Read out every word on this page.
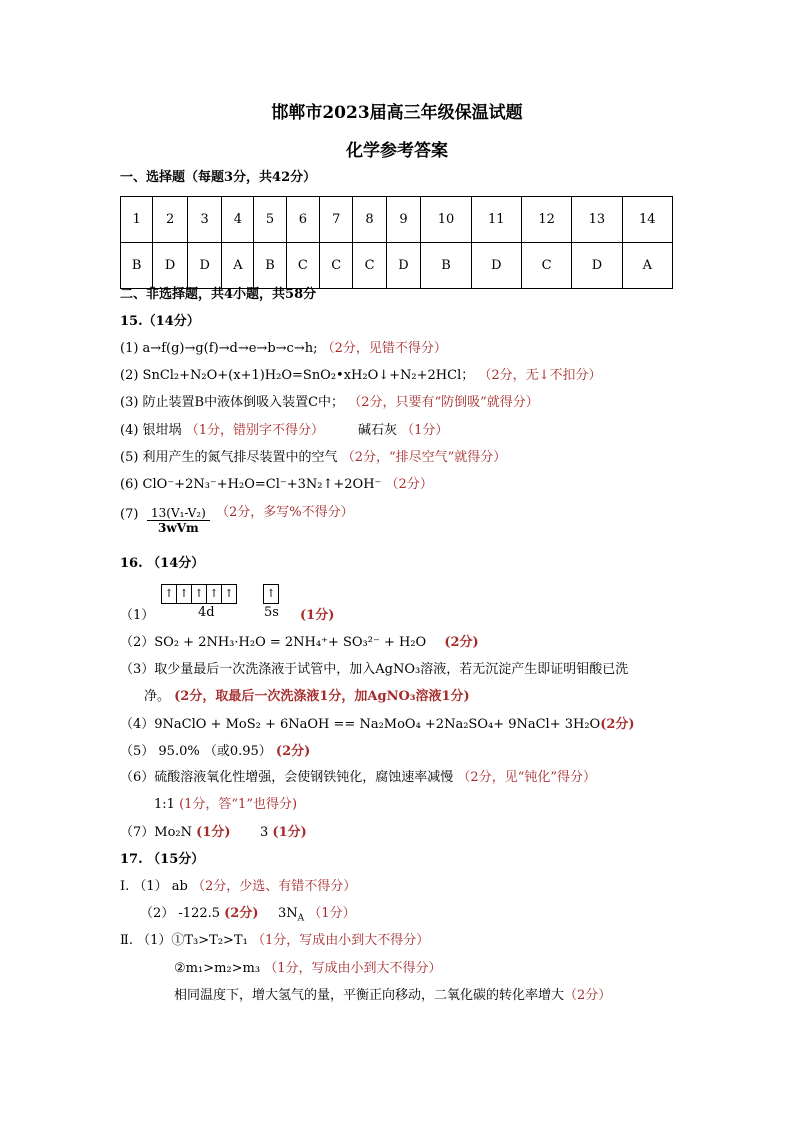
邯郸市2023届高三年级保温试题
化学参考答案
一、选择题（每题3分，共42分）
1	2	3	4	5	6	7	8	9	10	11	12	13	14
B	D	D	A	B	C	C	C	D	B	D	C	D	A
二、非选择题，共4小题，共58分
15.（14分）
(1) a→f(g)→g(f)→d→e→b→c→h; （2分，见错不得分）
(2) SnCl₂+N₂O+(x+1)H₂O=SnO₂•xH₂O↓+N₂+2HCl； （2分，无↓不扣分）
(3) 防止装置B中液体倒吸入装置C中； （2分，只要有“防倒吸”就得分）
(4) 银坩埚 （1分，错别字不得分）	碱石灰 （1分）
(5) 利用产生的氮气排尽装置中的空气 （2分，“排尽空气”就得分）
(6) ClO⁻+2N₃⁻+H₂O=Cl⁻+3N₂↑+2OH⁻ （2分）
(7)	13(V₁-V₂)
3wVm
（2分，多写%不得分）
16. （14分）
↑ ↑ ↑ ↑ ↑	↑
（1）	4d	5s (1分)
（2）SO₂ + 2NH₃·H₂O = 2NH₄⁺+ SO₃²⁻ + H₂O (2分)
（3）取少量最后一次洗涤液于试管中，加入AgNO₃溶液，若无沉淀产生即证明钼酸已洗
净。 (2分，取最后一次洗涤液1分，加AgNO₃溶液1分)
（4）9NaClO + MoS₂ + 6NaOH == Na₂MoO₄ +2Na₂SO₄+ 9NaCl+ 3H₂O(2分)
（5） 95.0% （或0.95） (2分)
（6）硫酸溶液氧化性增强，会使钢铁钝化，腐蚀速率减慢 （2分，见“钝化”得分）
1:1 (1分，答“1”也得分)
（7）Mo₂N (1分) 3 (1分)
17. （15分）
Ⅰ. （1） ab （2分，少选、有错不得分）
（2） -122.5 (2分) $3N_A$ （1分）
Ⅱ. （1）①T₃>T₂>T₁ （1分，写成由小到大不得分）
②m₁>m₂>m₃ （1分，写成由小到大不得分）
相同温度下，增大氢气的量，平衡正向移动，二氧化碳的转化率增大（2分）
